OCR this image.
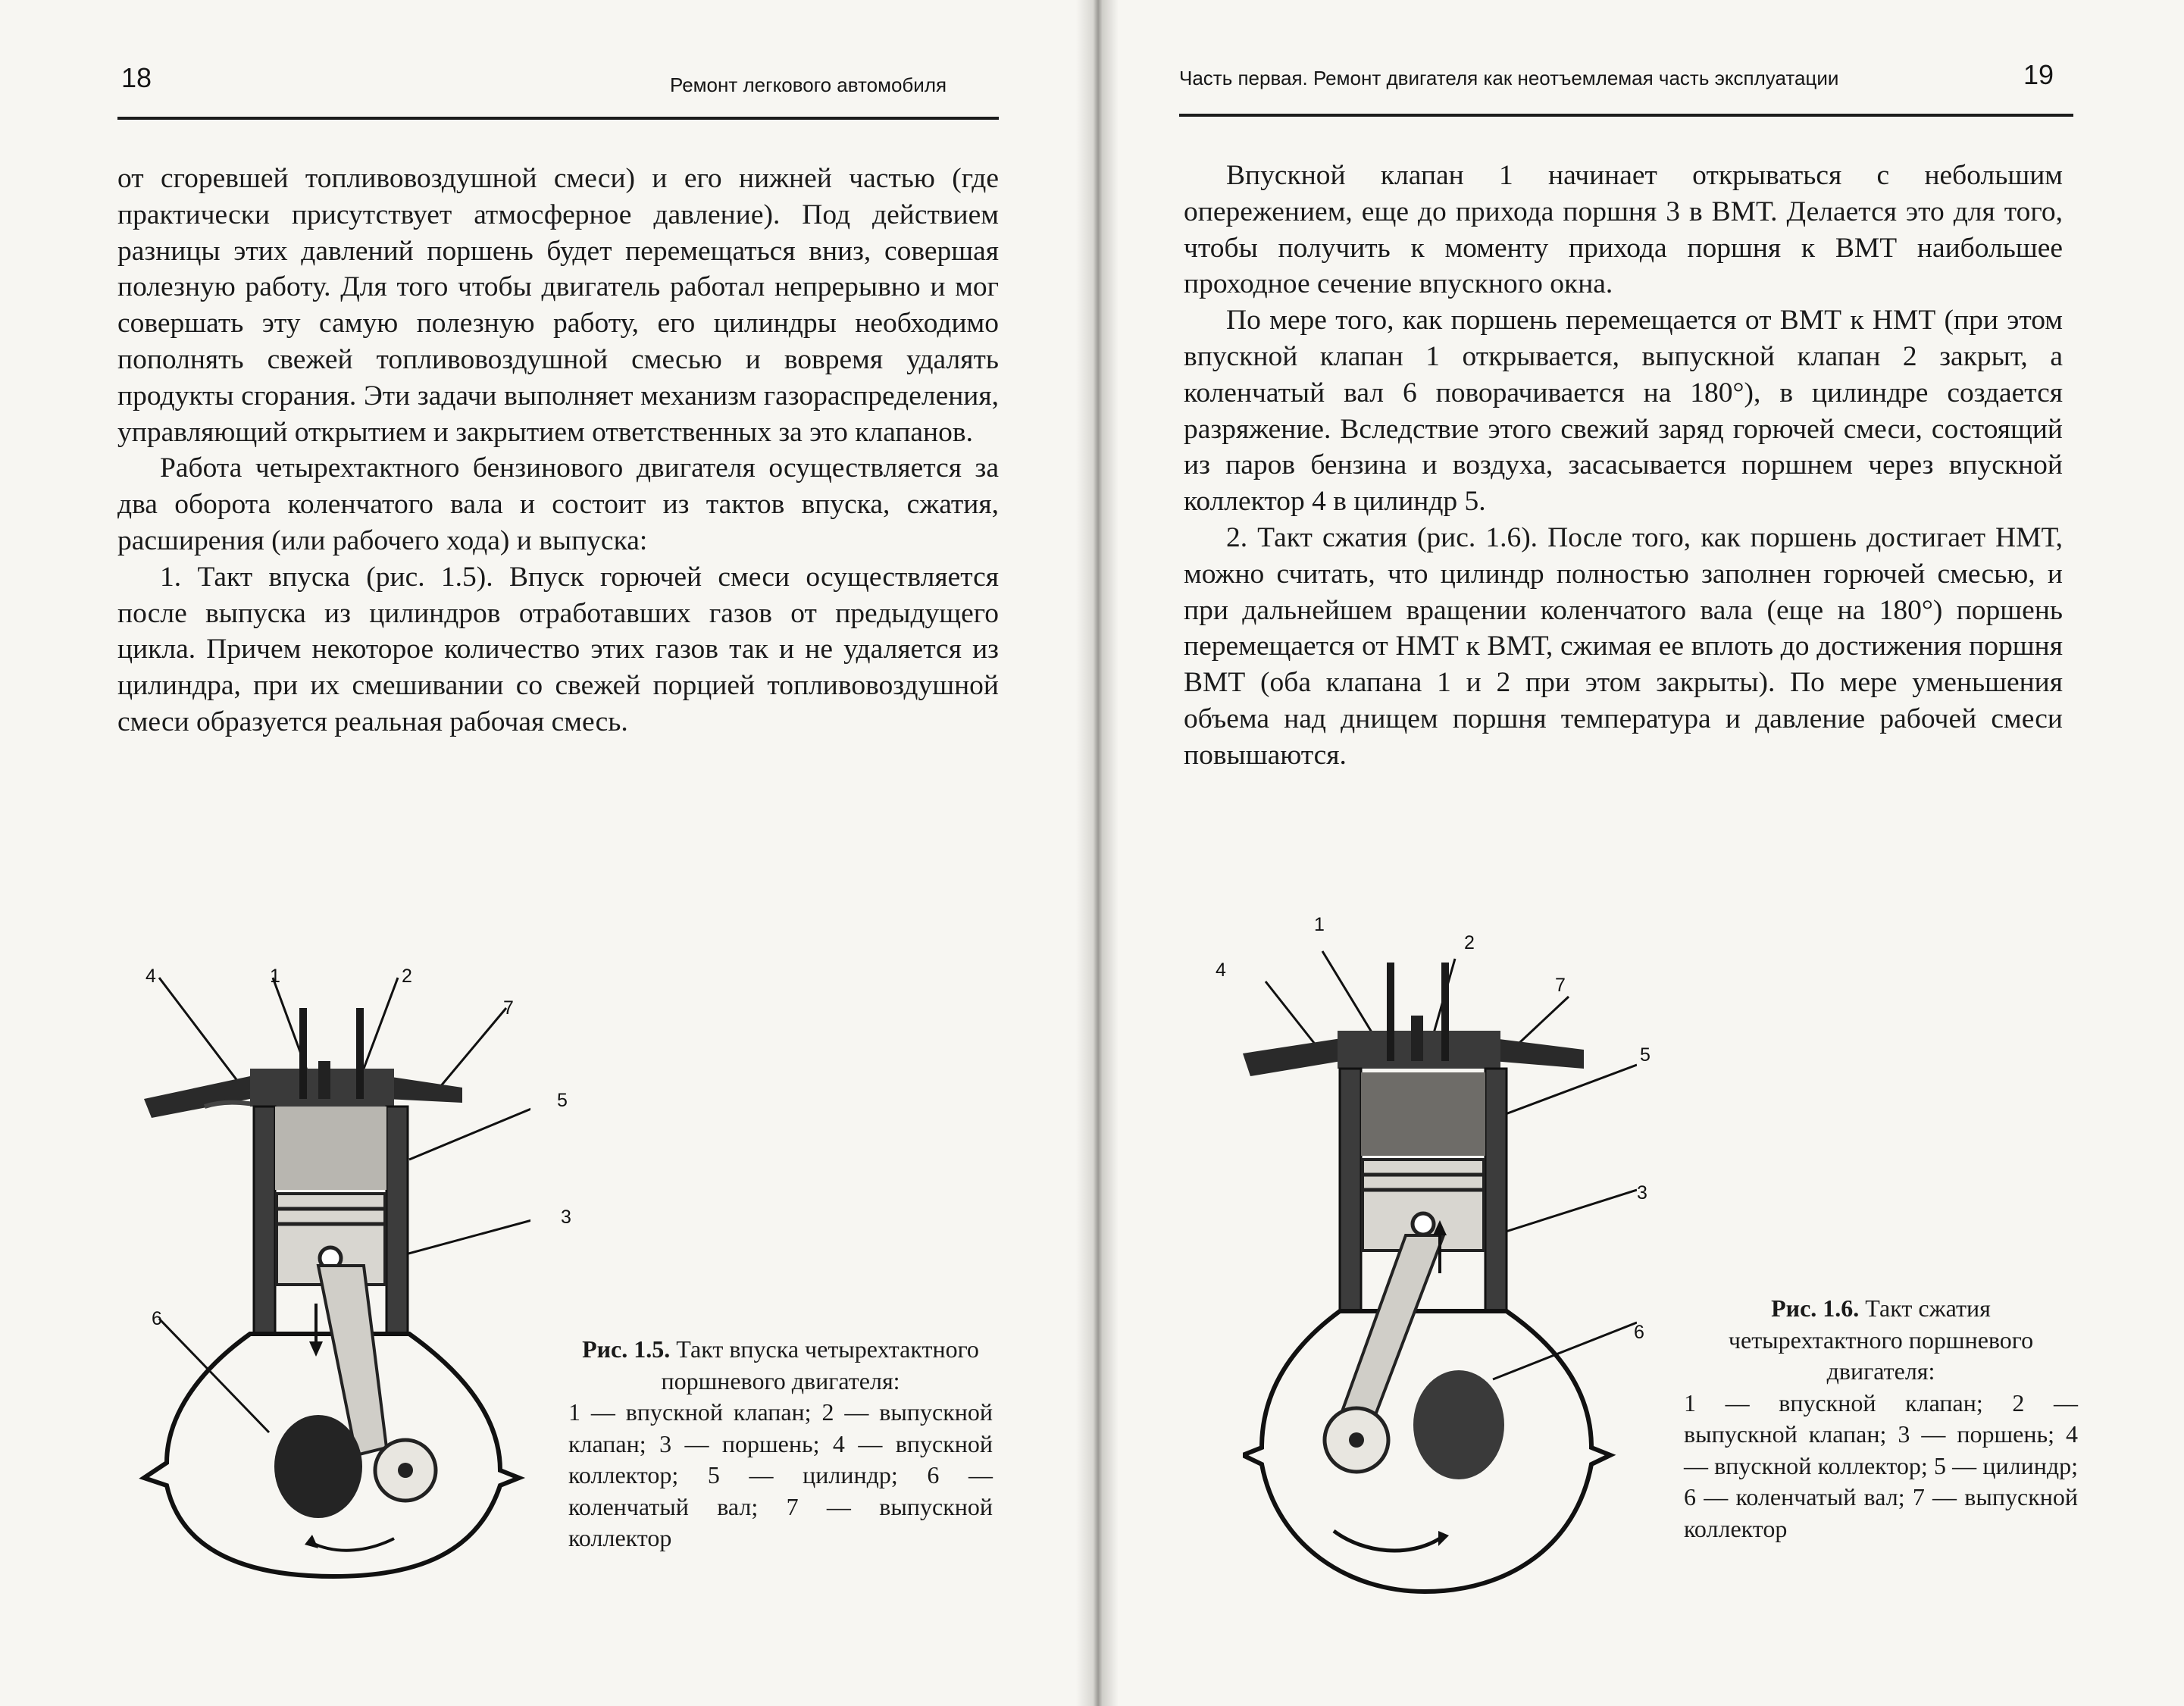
18	Ремонт легкового автомобиля

от сгоревшей топливовоздушной смеси) и его нижней частью (где практически присутствует атмосферное давление). Под действием разницы этих давлений поршень будет перемещаться вниз, совершая полезную работу. Для того чтобы двигатель работал непрерывно и мог совершать эту самую полезную работу, его цилиндры необходимо пополнять свежей топливовоздушной смесью и вовремя удалять продукты сгорания. Эти задачи выполняет механизм газораспределения, управляющий открытием и закрытием ответственных за это клапанов.

Работа четырехтактного бензинового двигателя осуществляется за два оборота коленчатого вала и состоит из тактов впуска, сжатия, расширения (или рабочего хода) и выпуска:

1. Такт впуска (рис. 1.5). Впуск горючей смеси осуществляется после выпуска из цилиндров отработавших газов от предыдущего цикла. Причем некоторое количество этих газов так и не удаляется из цилиндра, при их смешивании со свежей порцией топливовоздушной смеси образуется реальная рабочая смесь.

4	1	2
7
5
3
6
Рис. 1.5. Такт впуска четырехтактного поршневого двигателя:
1 — впускной клапан; 2 — выпускной клапан; 3 — поршень; 4 — впускной коллектор; 5 — цилиндр; 6 — коленчатый вал; 7 — выпускной коллектор
Часть первая. Ремонт двигателя как неотъемлемая часть эксплуатации	19

Впускной клапан 1 начинает открываться с небольшим опережением, еще до прихода поршня 3 в ВМТ. Делается это для того, чтобы получить к моменту прихода поршня к ВМТ наибольшее проходное сечение впускного окна.

По мере того, как поршень перемещается от ВМТ к НМТ (при этом впускной клапан 1 открывается, выпускной клапан 2 закрыт, а коленчатый вал 6 поворачивается на 180°), в цилиндре создается разряжение. Вследствие этого свежий заряд горючей смеси, состоящий из паров бензина и воздуха, засасывается поршнем через впускной коллектор 4 в цилиндр 5.

2. Такт сжатия (рис. 1.6). После того, как поршень достигает НМТ, можно считать, что цилиндр полностью заполнен горючей смесью, и при дальнейшем вращении коленчатого вала (еще на 180°) поршень перемещается от НМТ к ВМТ, сжимая ее вплоть до достижения поршня ВМТ (оба клапана 1 и 2 при этом закрыты). По мере уменьшения объема над днищем поршня температура и давление рабочей смеси повышаются.

1
2
4
7
5
3
6
Рис. 1.6. Такт сжатия четырехтактного поршневого двигателя:
1 — впускной клапан; 2 — выпускной клапан; 3 — поршень; 4 — впускной коллектор; 5 — цилиндр; 6 — коленчатый вал; 7 — выпускной коллектор
